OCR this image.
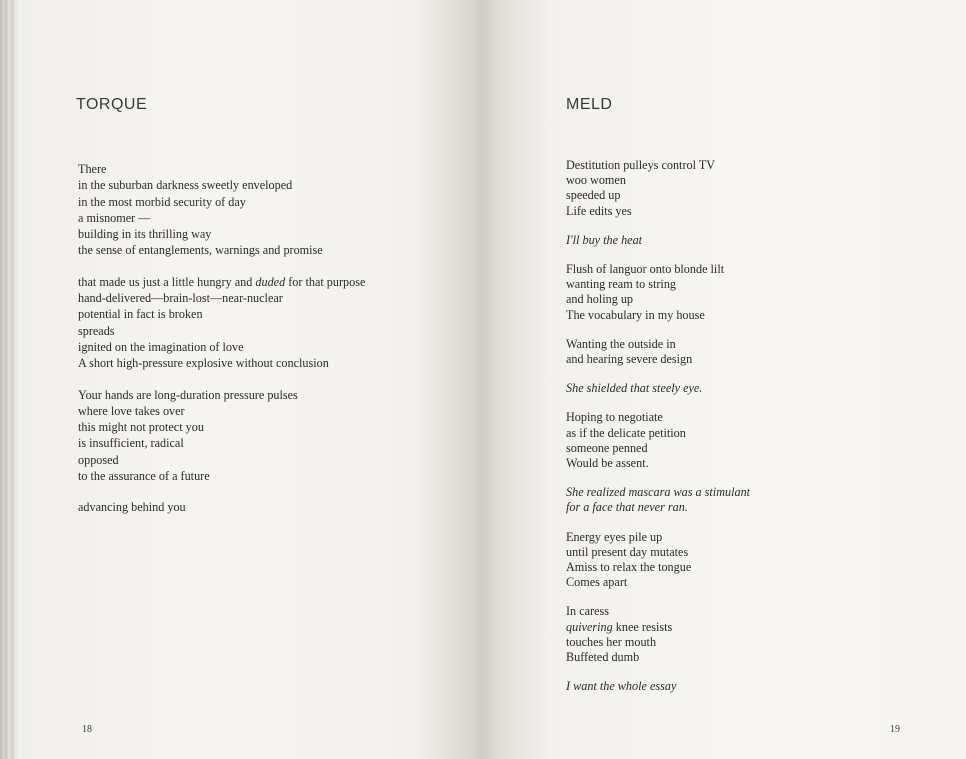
TORQUE
There
in the suburban darkness sweetly enveloped
in the most morbid security of day
a misnomer —
building in its thrilling way
the sense of entanglements, warnings and promise
that made us just a little hungry and duded for that purpose
hand-delivered—brain-lost—near-nuclear
potential in fact is broken
spreads
ignited on the imagination of love
A short high-pressure explosive without conclusion
Your hands are long-duration pressure pulses
where love takes over
this might not protect you
is insufficient, radical
opposed
to the assurance of a future
advancing behind you
18
MELD
Destitution pulleys control TV
woo women
speeded up
Life edits yes
I'll buy the heat
Flush of languor onto blonde lilt
wanting ream to string
and holing up
The vocabulary in my house
Wanting the outside in
and hearing severe design
She shielded that steely eye.
Hoping to negotiate
as if the delicate petition
someone penned
Would be assent.
She realized mascara was a stimulant
for a face that never ran.
Energy eyes pile up
until present day mutates
Amiss to relax the tongue
Comes apart
In caress
quivering knee resists
touches her mouth
Buffeted dumb
I want the whole essay
19
